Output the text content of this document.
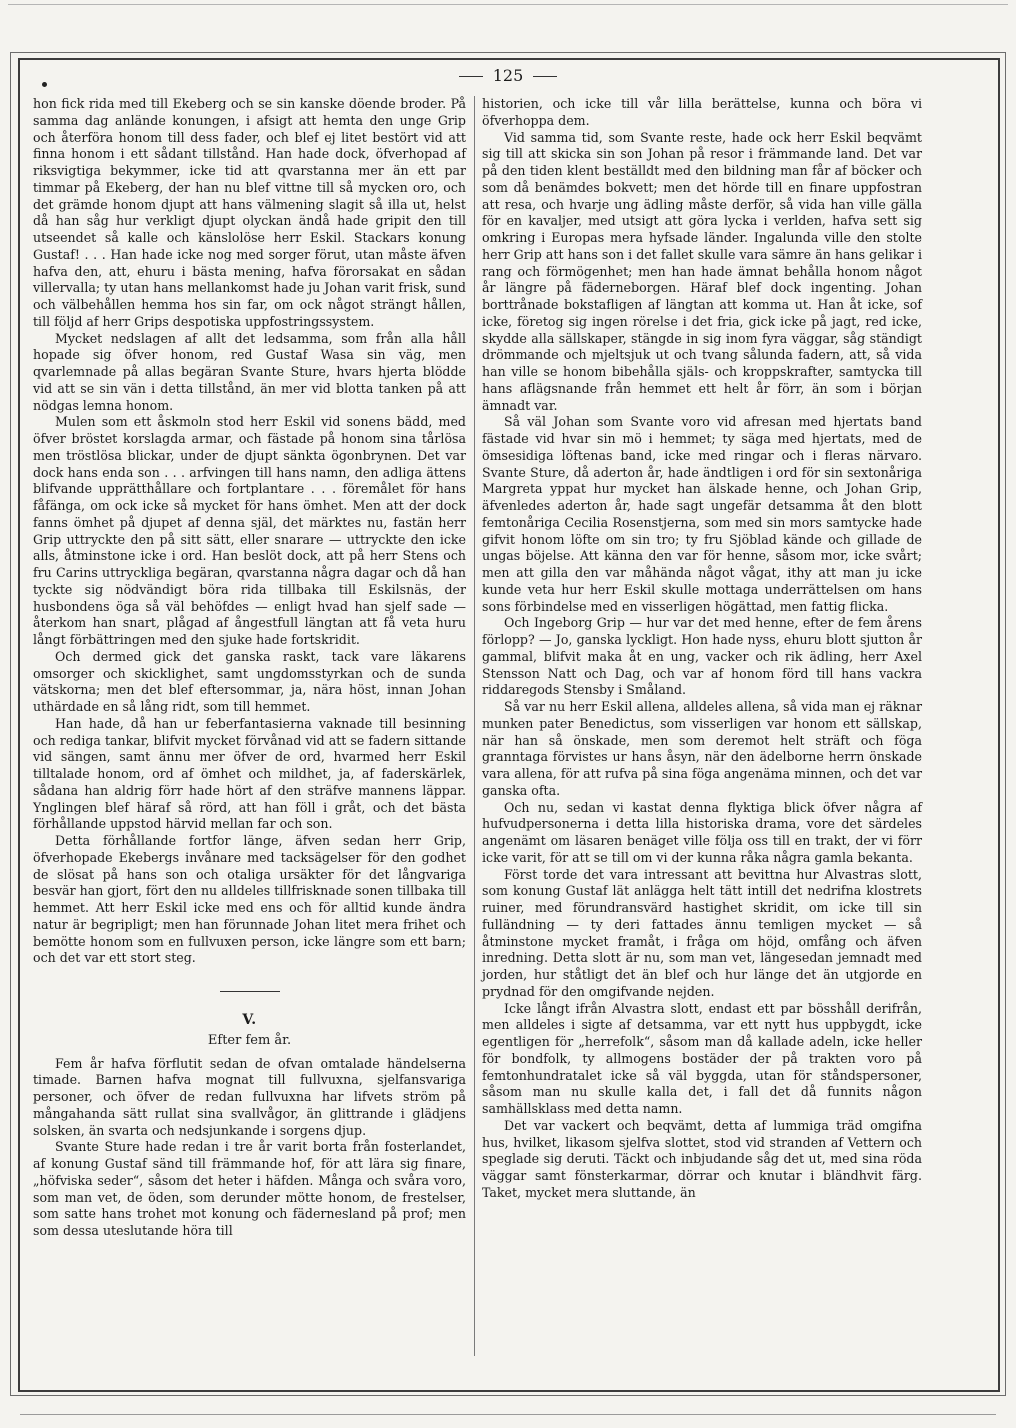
125

hon fick rida med till Ekeberg och se sin kanske döende broder. På samma dag anlände konungen, i afsigt att hemta den unge Grip och återföra honom till dess fader, och blef ej litet bestört vid att finna honom i ett sådant tillstånd. Han hade dock, öfverhopad af riksvigtiga bekymmer, icke tid att qvarstanna mer än ett par timmar på Ekeberg, der han nu blef vittne till så mycken oro, och det grämde honom djupt att hans välmening slagit så illa ut, helst då han såg hur verkligt djupt olyckan ändå hade gripit den till utseendet så kalle och känslolöse herr Eskil. Stackars konung Gustaf! . . . Han hade icke nog med sorger förut, utan måste äfven hafva den, att, ehuru i bästa mening, hafva förorsakat en sådan villervalla; ty utan hans mellankomst hade ju Johan varit frisk, sund och välbehållen hemma hos sin far, om ock något strängt hållen, till följd af herr Grips despotiska uppfostringssystem.

Mycket nedslagen af allt det ledsamma, som från alla håll hopade sig öfver honom, red Gustaf Wasa sin väg, men qvarlemnade på allas begäran Svante Sture, hvars hjerta blödde vid att se sin vän i detta tillstånd, än mer vid blotta tanken på att nödgas lemna honom.

Mulen som ett åskmoln stod herr Eskil vid sonens bädd, med öfver bröstet korslagda armar, och fästade på honom sina tårlösa men tröstlösa blickar, under de djupt sänkta ögonbrynen. Det var dock hans enda son . . . arfvingen till hans namn, den adliga ättens blifvande upprätthållare och fortplantare . . . föremålet för hans fåfänga, om ock icke så mycket för hans ömhet. Men att der dock fanns ömhet på djupet af denna själ, det märktes nu, fastän herr Grip uttryckte den på sitt sätt, eller snarare — uttryckte den icke alls, åtminstone icke i ord. Han beslöt dock, att på herr Stens och fru Carins uttryckliga begäran, qvarstanna några dagar och då han tyckte sig nödvändigt böra rida tillbaka till Eskilsnäs, der husbondens öga så väl behöfdes — enligt hvad han sjelf sade — återkom han snart, plågad af ångestfull längtan att få veta huru långt förbättringen med den sjuke hade fortskridit.

Och dermed gick det ganska raskt, tack vare läkarens omsorger och skicklighet, samt ungdomsstyrkan och de sunda vätskorna; men det blef eftersommar, ja, nära höst, innan Johan uthärdade en så lång ridt, som till hemmet.

Han hade, då han ur feberfantasierna vaknade till besinning och rediga tankar, blifvit mycket förvånad vid att se fadern sittande vid sängen, samt ännu mer öfver de ord, hvarmed herr Eskil tilltalade honom, ord af ömhet och mildhet, ja, af faderskärlek, sådana han aldrig förr hade hört af den sträfve mannens läppar. Ynglingen blef häraf så rörd, att han föll i gråt, och det bästa förhållande uppstod härvid mellan far och son.

Detta förhållande fortfor länge, äfven sedan herr Grip, öfverhopade Ekebergs invånare med tacksägelser för den godhet de slösat på hans son och otaliga ursäkter för det långvariga besvär han gjort, fört den nu alldeles tillfrisknade sonen tillbaka till hemmet. Att herr Eskil icke med ens och för alltid kunde ändra natur är begripligt; men han förunnade Johan litet mera frihet och bemötte honom som en fullvuxen person, icke längre som ett barn; och det var ett stort steg.

V.
Efter fem år.

Fem år hafva förflutit sedan de ofvan omtalade händelserna timade. Barnen hafva mognat till fullvuxna, sjelfansvariga personer, och öfver de redan fullvuxna har lifvets ström på mångahanda sätt rullat sina svallvågor, än glittrande i glädjens solsken, än svarta och nedsjunkande i sorgens djup.

Svante Sture hade redan i tre år varit borta från fosterlandet, af konung Gustaf sänd till främmande hof, för att lära sig finare, „höfviska seder“, såsom det heter i häfden. Många och svåra voro, som man vet, de öden, som derunder mötte honom, de frestelser, som satte hans trohet mot konung och fädernesland på prof; men som dessa uteslutande höra till

historien, och icke till vår lilla berättelse, kunna och böra vi öfverhoppa dem.

Vid samma tid, som Svante reste, hade ock herr Eskil beqvämt sig till att skicka sin son Johan på resor i främmande land. Det var på den tiden klent beställdt med den bildning man får af böcker och som då benämdes bokvett; men det hörde till en finare uppfostran att resa, och hvarje ung ädling måste derför, så vida han ville gälla för en kavaljer, med utsigt att göra lycka i verlden, hafva sett sig omkring i Europas mera hyfsade länder. Ingalunda ville den stolte herr Grip att hans son i det fallet skulle vara sämre än hans gelikar i rang och förmögenhet; men han hade ämnat behålla honom något år längre på fäderneborgen. Häraf blef dock ingenting. Johan borttrånade bokstafligen af längtan att komma ut. Han åt icke, sof icke, företog sig ingen rörelse i det fria, gick icke på jagt, red icke, skydde alla sällskaper, stängde in sig inom fyra väggar, såg ständigt drömmande och mjeltsjuk ut och tvang sålunda fadern, att, så vida han ville se honom bibehålla själs- och kroppskrafter, samtycka till hans aflägsnande från hemmet ett helt år förr, än som i början ämnadt var.

Så väl Johan som Svante voro vid afresan med hjertats band fästade vid hvar sin mö i hemmet; ty säga med hjertats, med de ömsesidiga löftenas band, icke med ringar och i fleras närvaro. Svante Sture, då aderton år, hade ändtligen i ord för sin sextonåriga Margreta yppat hur mycket han älskade henne, och Johan Grip, äfvenledes aderton år, hade sagt ungefär detsamma åt den blott femtonåriga Cecilia Rosenstjerna, som med sin mors samtycke hade gifvit honom löfte om sin tro; ty fru Sjöblad kände och gillade de ungas böjelse. Att känna den var för henne, såsom mor, icke svårt; men att gilla den var måhända något vågat, ithy att man ju icke kunde veta hur herr Eskil skulle mottaga underrättelsen om hans sons förbindelse med en visserligen högättad, men fattig flicka.

Och Ingeborg Grip — hur var det med henne, efter de fem årens förlopp? — Jo, ganska lyckligt. Hon hade nyss, ehuru blott sjutton år gammal, blifvit maka åt en ung, vacker och rik ädling, herr Axel Stensson Natt och Dag, och var af honom förd till hans vackra riddaregods Stensby i Småland.

Så var nu herr Eskil allena, alldeles allena, så vida man ej räknar munken pater Benedictus, som visserligen var honom ett sällskap, när han så önskade, men som deremot helt sträft och föga granntaga förvistes ur hans åsyn, när den ädelborne herrn önskade vara allena, för att rufva på sina föga angenäma minnen, och det var ganska ofta.

Och nu, sedan vi kastat denna flyktiga blick öfver några af hufvudpersonerna i detta lilla historiska drama, vore det särdeles angenämt om läsaren benäget ville följa oss till en trakt, der vi förr icke varit, för att se till om vi der kunna råka några gamla bekanta.

Först torde det vara intressant att bevittna hur Alvastras slott, som konung Gustaf lät anlägga helt tätt intill det nedrifna klostrets ruiner, med förundransvärd hastighet skridit, om icke till sin fulländning — ty deri fattades ännu temligen mycket — så åtminstone mycket framåt, i fråga om höjd, omfång och äfven inredning. Detta slott är nu, som man vet, längesedan jemnadt med jorden, hur ståtligt det än blef och hur länge det än utgjorde en prydnad för den omgifvande nejden.

Icke långt ifrån Alvastra slott, endast ett par bösshåll derifrån, men alldeles i sigte af detsamma, var ett nytt hus uppbygdt, icke egentligen för „herrefolk“, såsom man då kallade adeln, icke heller för bondfolk, ty allmogens bostäder der på trakten voro på femtonhundratalet icke så väl byggda, utan för ståndspersoner, såsom man nu skulle kalla det, i fall det då funnits någon samhällsklass med detta namn.

Det var vackert och beqvämt, detta af lummiga träd omgifna hus, hvilket, likasom sjelfva slottet, stod vid stranden af Vettern och speglade sig deruti. Täckt och inbjudande såg det ut, med sina röda väggar samt fönsterkarmar, dörrar och knutar i bländhvit färg. Taket, mycket mera sluttande, än
